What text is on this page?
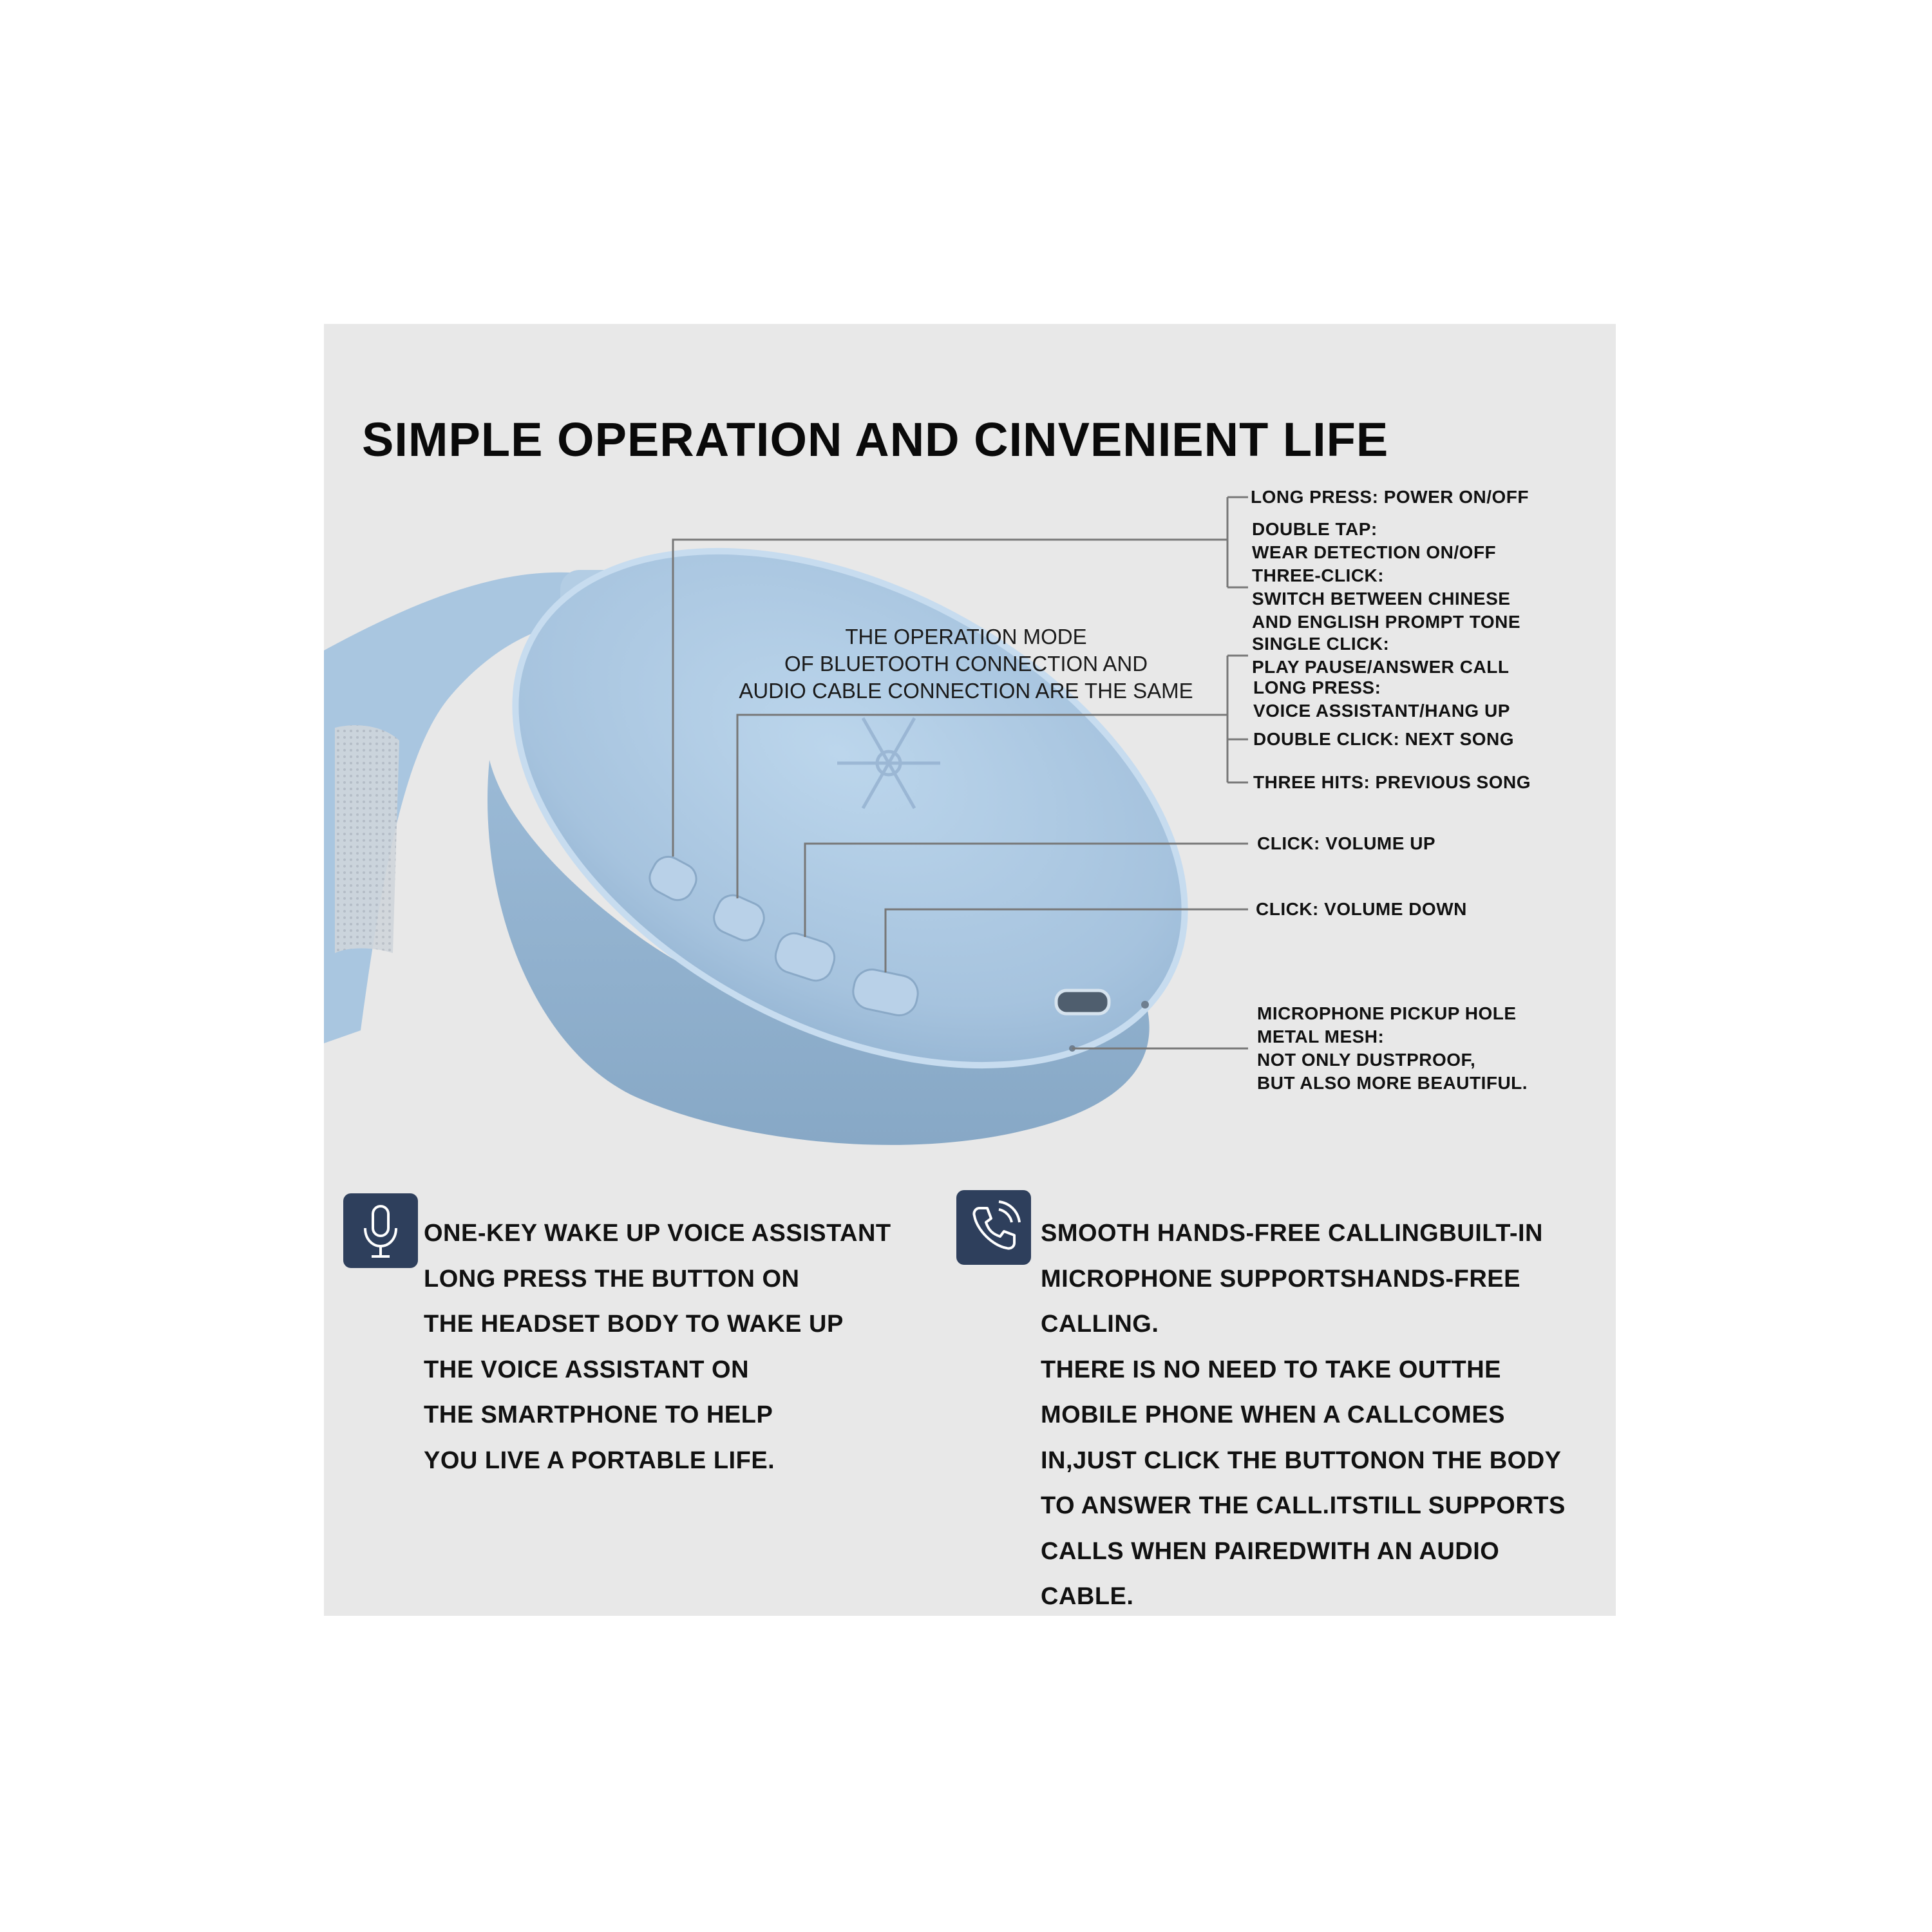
SIMPLE OPERATION AND CINVENIENT LIFE
THE OPERATION MODE
OF BLUETOOTH CONNECTION AND
AUDIO CABLE CONNECTION ARE THE SAME
LONG PRESS: POWER ON/OFF
DOUBLE TAP:
WEAR DETECTION ON/OFF
THREE-CLICK:
SWITCH BETWEEN CHINESE
AND ENGLISH PROMPT TONE
SINGLE CLICK:
PLAY PAUSE/ANSWER CALL
LONG PRESS:
VOICE ASSISTANT/HANG UP
DOUBLE CLICK: NEXT SONG
THREE HITS: PREVIOUS SONG
CLICK: VOLUME UP
CLICK: VOLUME DOWN
MICROPHONE PICKUP HOLE
METAL MESH:
NOT ONLY DUSTPROOF,
BUT ALSO MORE BEAUTIFUL.
ONE-KEY WAKE UP VOICE ASSISTANT
LONG PRESS THE BUTTON ON
THE HEADSET BODY TO WAKE UP
THE VOICE ASSISTANT ON
THE SMARTPHONE TO HELP
YOU LIVE A PORTABLE LIFE.
SMOOTH HANDS-FREE CALLINGBUILT-IN
MICROPHONE SUPPORTSHANDS-FREE
CALLING.
THERE IS NO NEED TO TAKE OUTTHE
MOBILE PHONE WHEN A CALLCOMES
IN,JUST CLICK THE BUTTONON THE BODY
TO ANSWER THE CALL.ITSTILL SUPPORTS
CALLS WHEN PAIREDWITH AN AUDIO
CABLE.
